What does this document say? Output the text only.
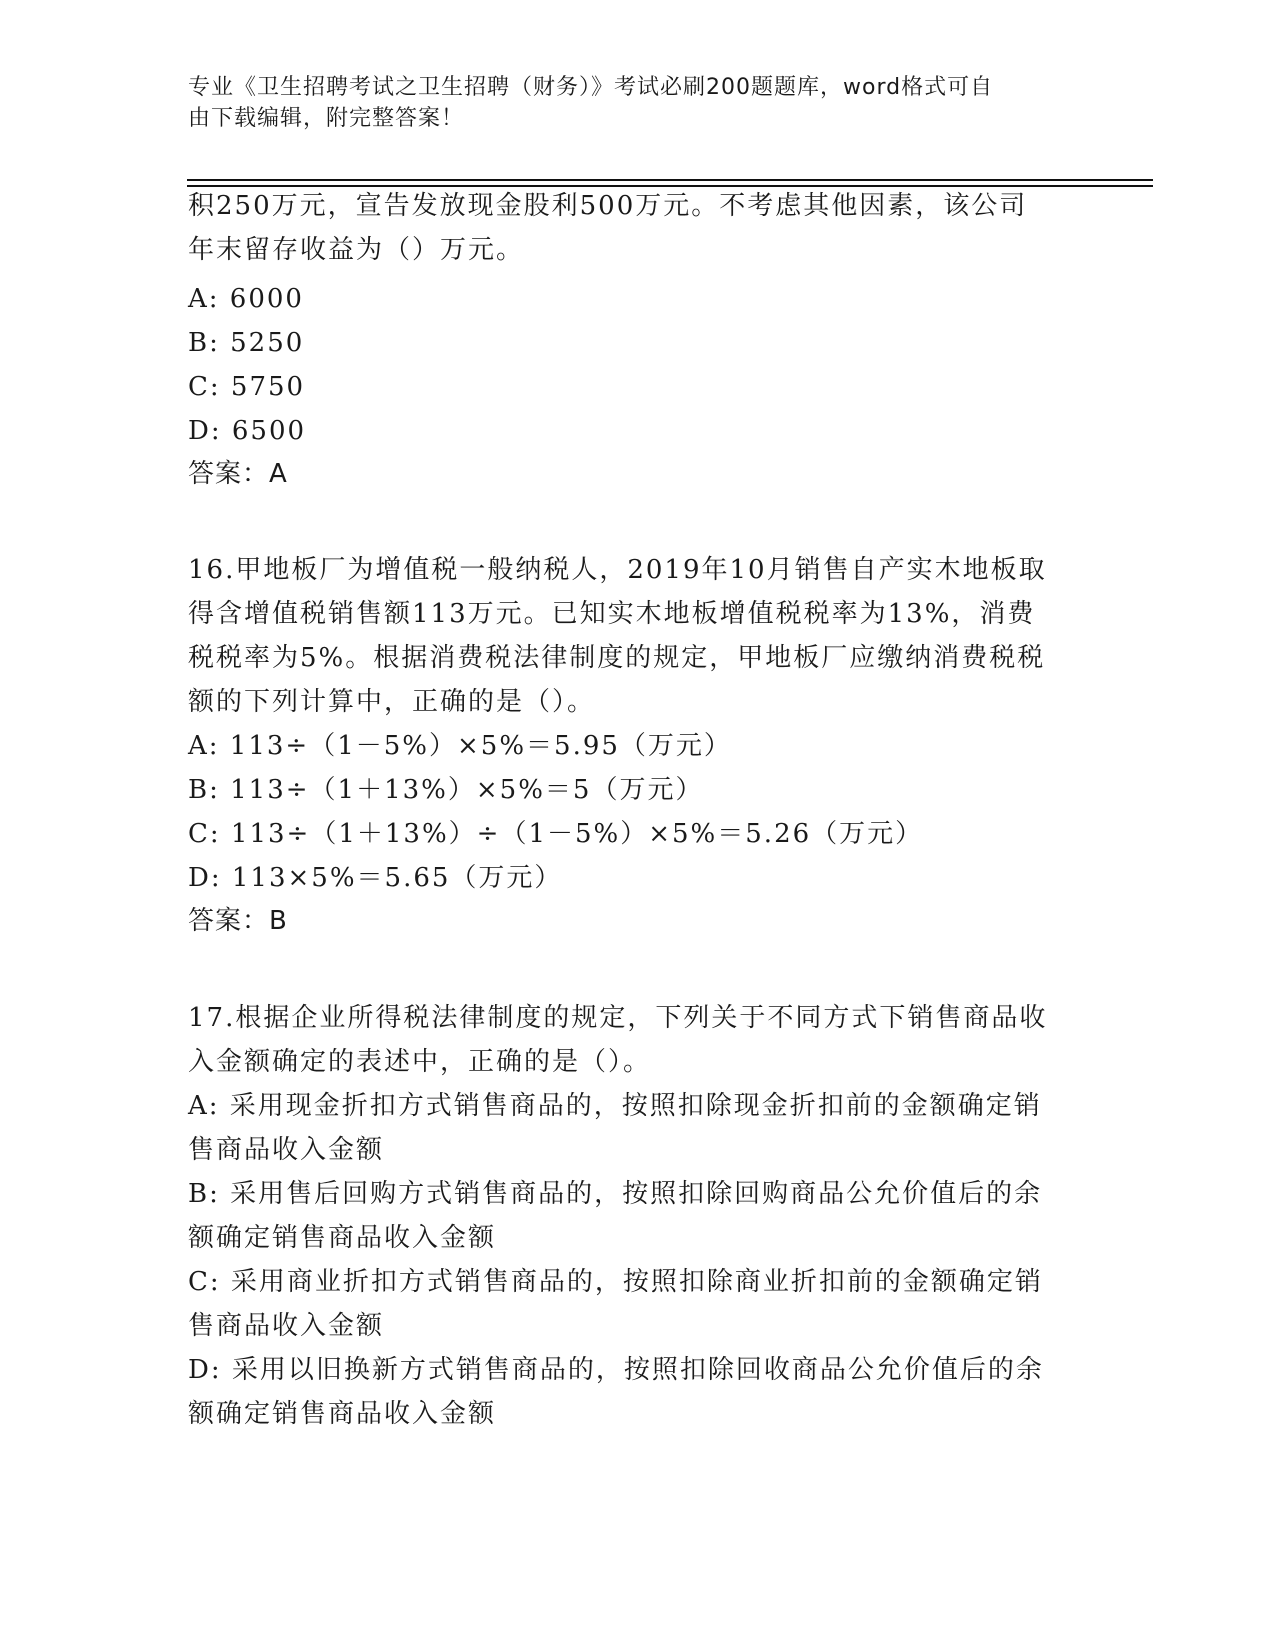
专业《卫生招聘考试之卫生招聘（财务）》考试必刷200题题库，word格式可自
由下载编辑，附完整答案！
积250万元，宣告发放现金股利500万元。不考虑其他因素，该公司
年末留存收益为（）万元。
A: 6000
B: 5250
C: 5750
D: 6500
答案：A
16.甲地板厂为增值税一般纳税人，2019年10月销售自产实木地板取
得含增值税销售额113万元。已知实木地板增值税税率为13%，消费
税税率为5%。根据消费税法律制度的规定，甲地板厂应缴纳消费税税
额的下列计算中，正确的是（）。
A: 113÷（1－5%）×5%＝5.95（万元）
B: 113÷（1＋13%）×5%＝5（万元）
C: 113÷（1＋13%）÷（1－5%）×5%＝5.26（万元）
D: 113×5%＝5.65（万元）
答案：B
17.根据企业所得税法律制度的规定，下列关于不同方式下销售商品收
入金额确定的表述中，正确的是（）。
A: 采用现金折扣方式销售商品的，按照扣除现金折扣前的金额确定销
售商品收入金额
B: 采用售后回购方式销售商品的，按照扣除回购商品公允价值后的余
额确定销售商品收入金额
C: 采用商业折扣方式销售商品的，按照扣除商业折扣前的金额确定销
售商品收入金额
D: 采用以旧换新方式销售商品的，按照扣除回收商品公允价值后的余
额确定销售商品收入金额
